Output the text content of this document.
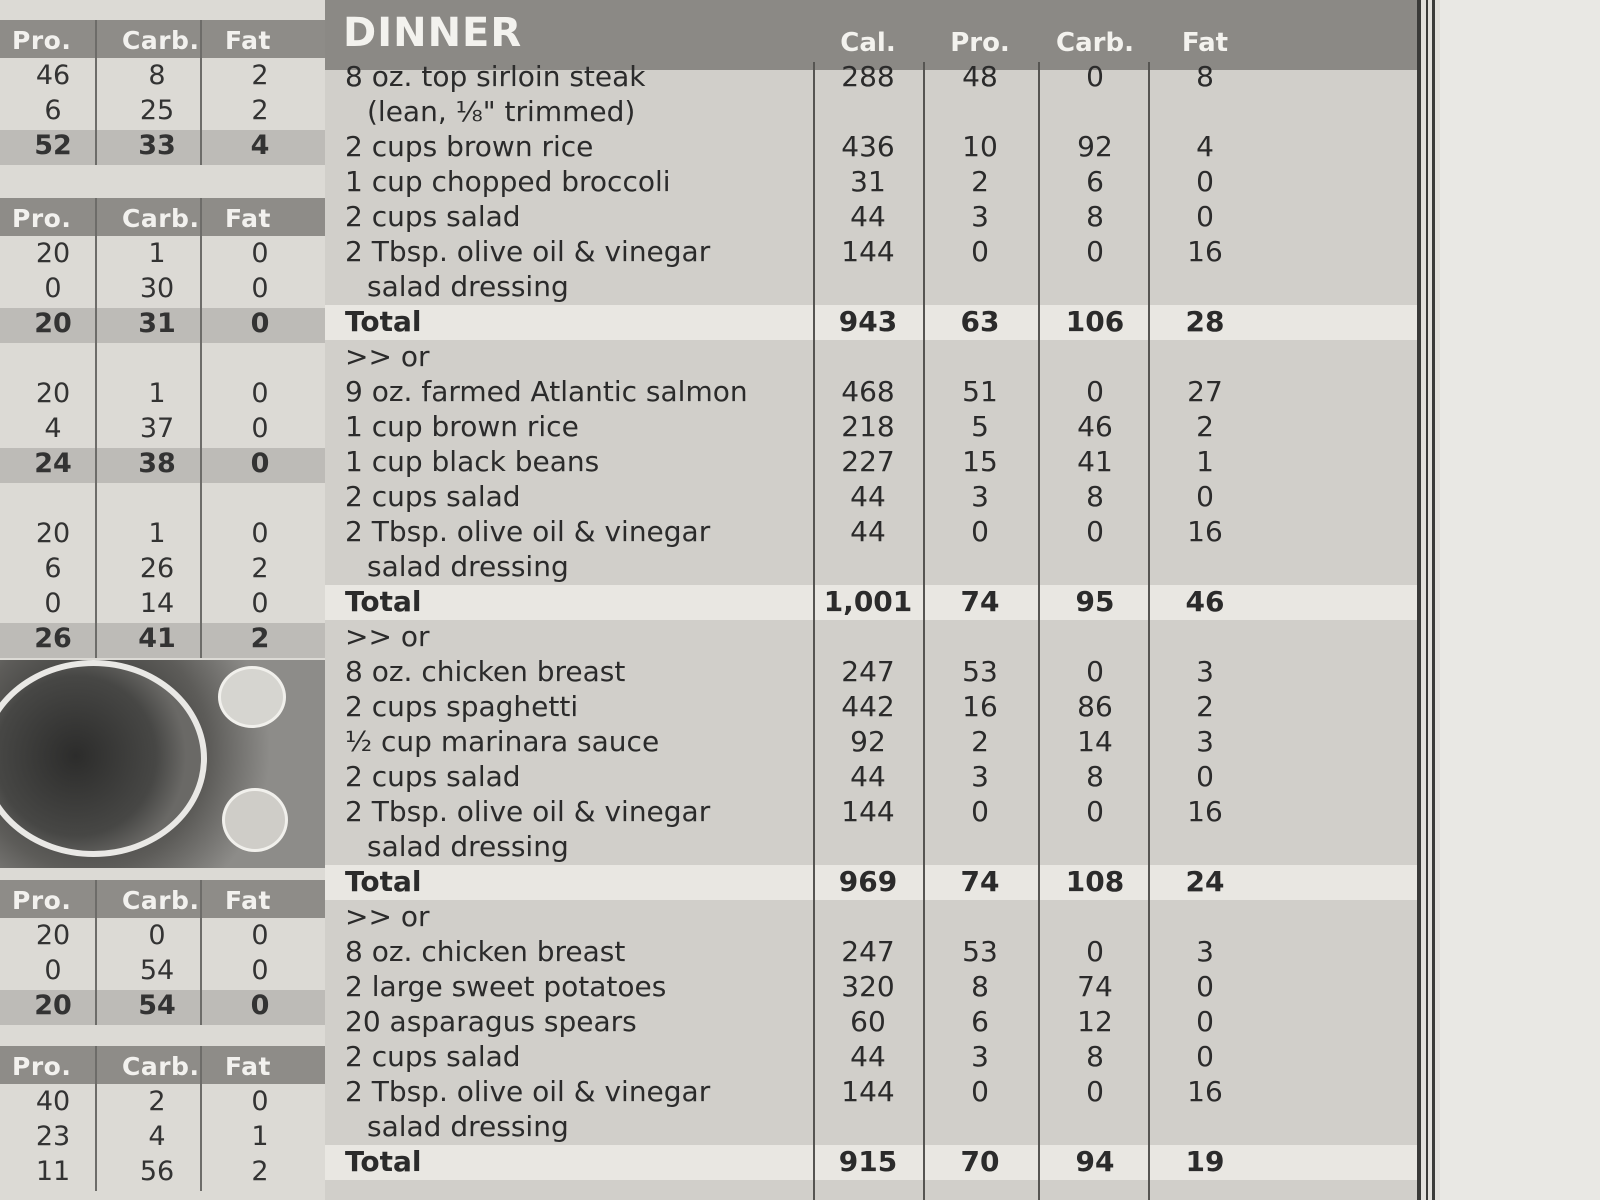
Pro. Carb. Fat
46	8	2
6	25	2
52	33	4
Pro. Carb. Fat
20	1	0
0	30	0
20	31	0
20	1	0
4	37	0
24	38	0
20	1	0
6	26	2
0	14	0
26	41	2
Pro. Carb. Fat
20	0	0
0	54	0
20	54	0
Pro. Carb. Fat
40	2	0
23	4	1
11	56	2
DINNER	Cal.	Pro.	Carb.	Fat
8 oz. top sirloin steak	288	48	0	8
(lean, ⅛" trimmed)
2 cups brown rice	436	10	92	4
1 cup chopped broccoli	31	2	6	0
2 cups salad	44	3	8	0
2 Tbsp. olive oil & vinegar	144	0	0	16
salad dressing
Total	943	63	106	28
>> or
9 oz. farmed Atlantic salmon	468	51	0	27
1 cup brown rice	218	5	46	2
1 cup black beans	227	15	41	1
2 cups salad	44	3	8	0
2 Tbsp. olive oil & vinegar	44	0	0	16
salad dressing
Total	1,001	74	95	46
>> or
8 oz. chicken breast	247	53	0	3
2 cups spaghetti	442	16	86	2
½ cup marinara sauce	92	2	14	3
2 cups salad	44	3	8	0
2 Tbsp. olive oil & vinegar	144	0	0	16
salad dressing
Total	969	74	108	24
>> or
8 oz. chicken breast	247	53	0	3
2 large sweet potatoes	320	8	74	0
20 asparagus spears	60	6	12	0
2 cups salad	44	3	8	0
2 Tbsp. olive oil & vinegar	144	0	0	16
salad dressing
Total	915	70	94	19
